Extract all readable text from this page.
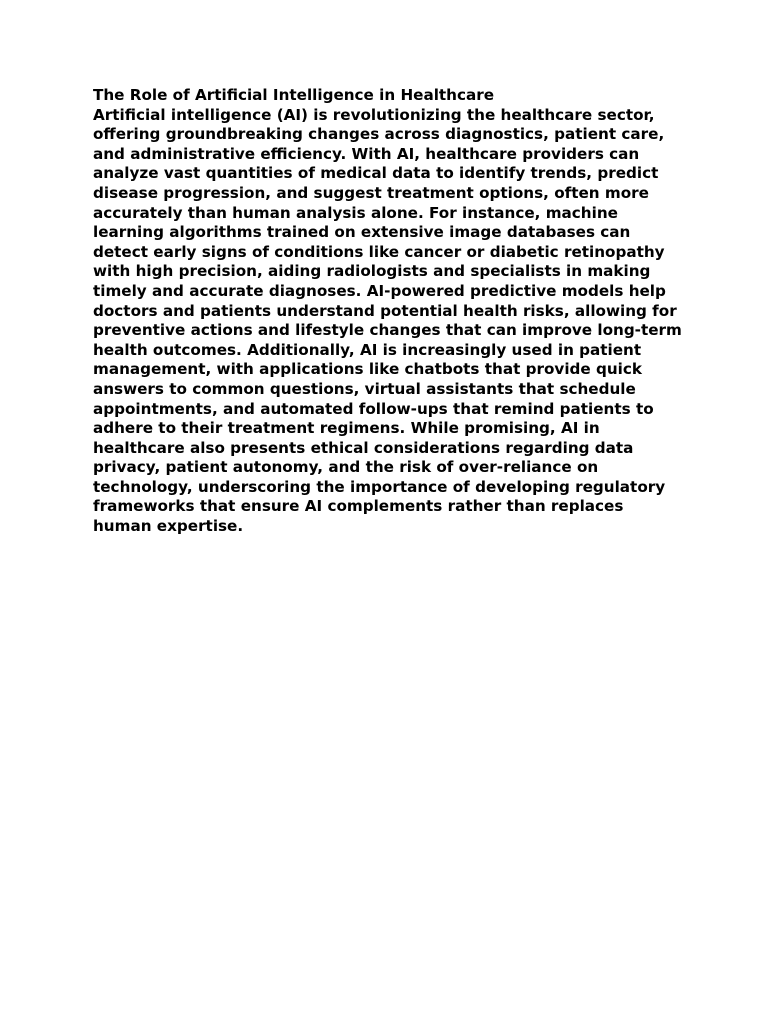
The Role of Artificial Intelligence in Healthcare

Artificial intelligence (AI) is revolutionizing the healthcare sector, offering groundbreaking changes across diagnostics, patient care, and administrative efficiency. With AI, healthcare providers can analyze vast quantities of medical data to identify trends, predict disease progression, and suggest treatment options, often more accurately than human analysis alone. For instance, machine learning algorithms trained on extensive image databases can detect early signs of conditions like cancer or diabetic retinopathy with high precision, aiding radiologists and specialists in making timely and accurate diagnoses. AI-powered predictive models help doctors and patients understand potential health risks, allowing for preventive actions and lifestyle changes that can improve long-term health outcomes. Additionally, AI is increasingly used in patient management, with applications like chatbots that provide quick answers to common questions, virtual assistants that schedule appointments, and automated follow-ups that remind patients to adhere to their treatment regimens. While promising, AI in healthcare also presents ethical considerations regarding data privacy, patient autonomy, and the risk of over-reliance on technology, underscoring the importance of developing regulatory frameworks that ensure AI complements rather than replaces human expertise.
